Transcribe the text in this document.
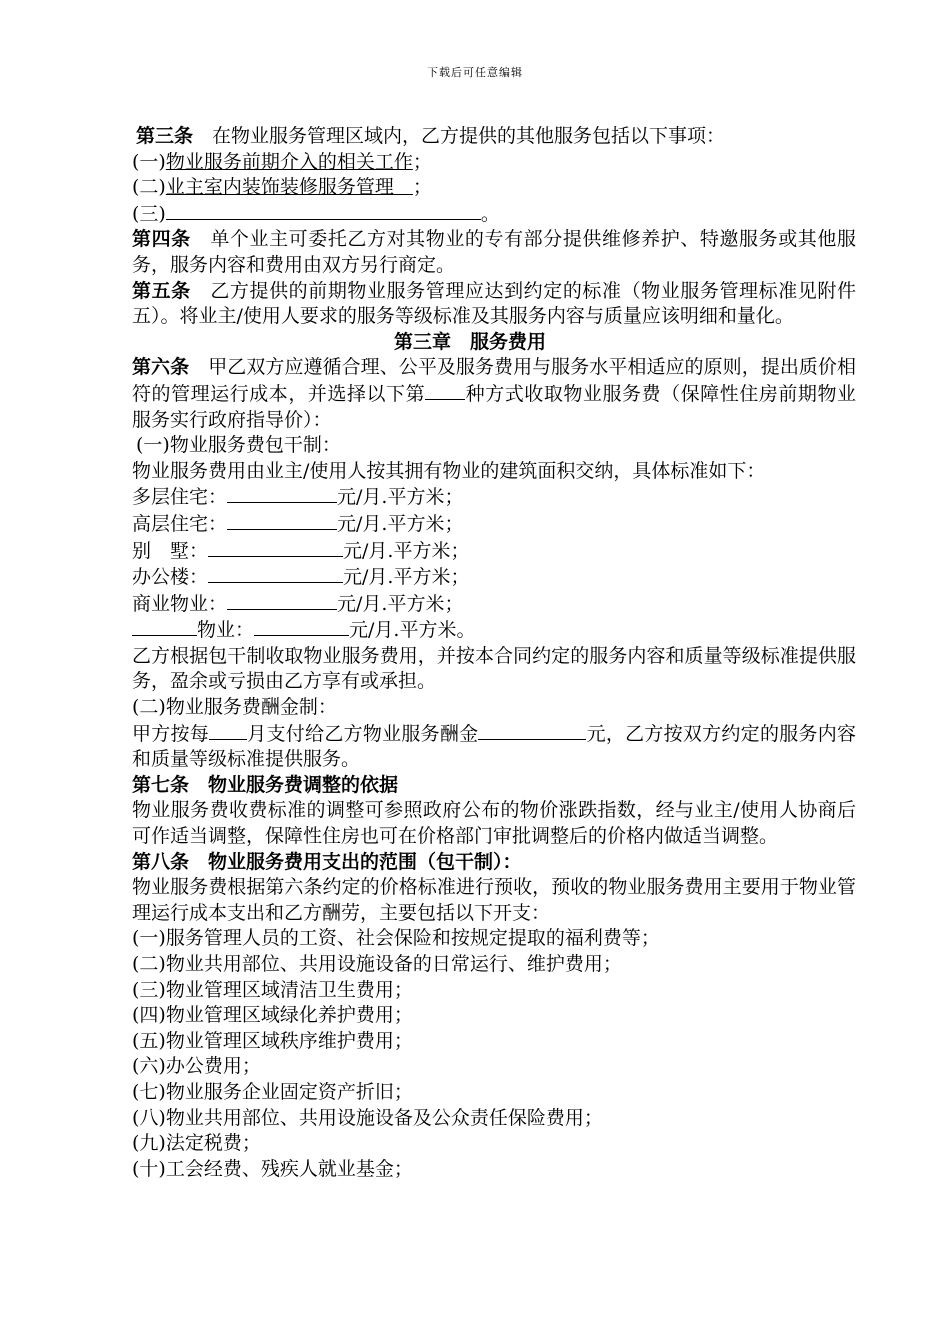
下载后可任意编辑

第三条　 在物业服务管理区域内，乙方提供的其他服务包括以下事项：

(一)物业服务前期介入的相关工作；

(二)业主室内装饰装修服务管理　 ；

(三)	。

第四条　 单个业主可委托乙方对其物业的专有部分提供维修养护、特邀服务或其他服务，服务内容和费用由双方另行商定。

第五条　 乙方提供的前期物业服务管理应达到约定的标准（物业服务管理标准见附件五）。将业主/使用人要求的服务等级标准及其服务内容与质量应该明细和量化。

第三章　服务费用

第六条　 甲乙双方应遵循合理、公平及服务费用与服务水平相适应的原则，提出质价相符的管理运行成本，并选择以下第 种方式收取物业服务费（保障性住房前期物业服务实行政府指导价）：

(一)物业服务费包干制：

物业服务费用由业主/使用人按其拥有物业的建筑面积交纳，具体标准如下：

多层住宅：	元/月.平方米；

高层住宅：	元/月.平方米；

别　墅：	元/月.平方米；

办公楼：	元/月.平方米；

商业物业：	元/月.平方米；

物业：	元/月.平方米。

乙方根据包干制收取物业服务费用，并按本合同约定的服务内容和质量等级标准提供服务，盈余或亏损由乙方享有或承担。

(二)物业服务费酬金制：

甲方按每 月支付给乙方物业服务酬金	元，乙方按双方约定的服务内容和质量等级标准提供服务。

第七条　物业服务费调整的依据

物业服务费收费标准的调整可参照政府公布的物价涨跌指数，经与业主/使用人协商后可作适当调整，保障性住房也可在价格部门审批调整后的价格内做适当调整。

第八条　物业服务费用支出的范围（包干制）：

物业服务费根据第六条约定的价格标准进行预收，预收的物业服务费用主要用于物业管理运行成本支出和乙方酬劳，主要包括以下开支：

(一)服务管理人员的工资、社会保险和按规定提取的福利费等；

(二)物业共用部位、共用设施设备的日常运行、维护费用；

(三)物业管理区域清洁卫生费用；

(四)物业管理区域绿化养护费用；

(五)物业管理区域秩序维护费用；

(六)办公费用；

(七)物业服务企业固定资产折旧；

(八)物业共用部位、共用设施设备及公众责任保险费用；

(九)法定税费；

(十)工会经费、残疾人就业基金；
